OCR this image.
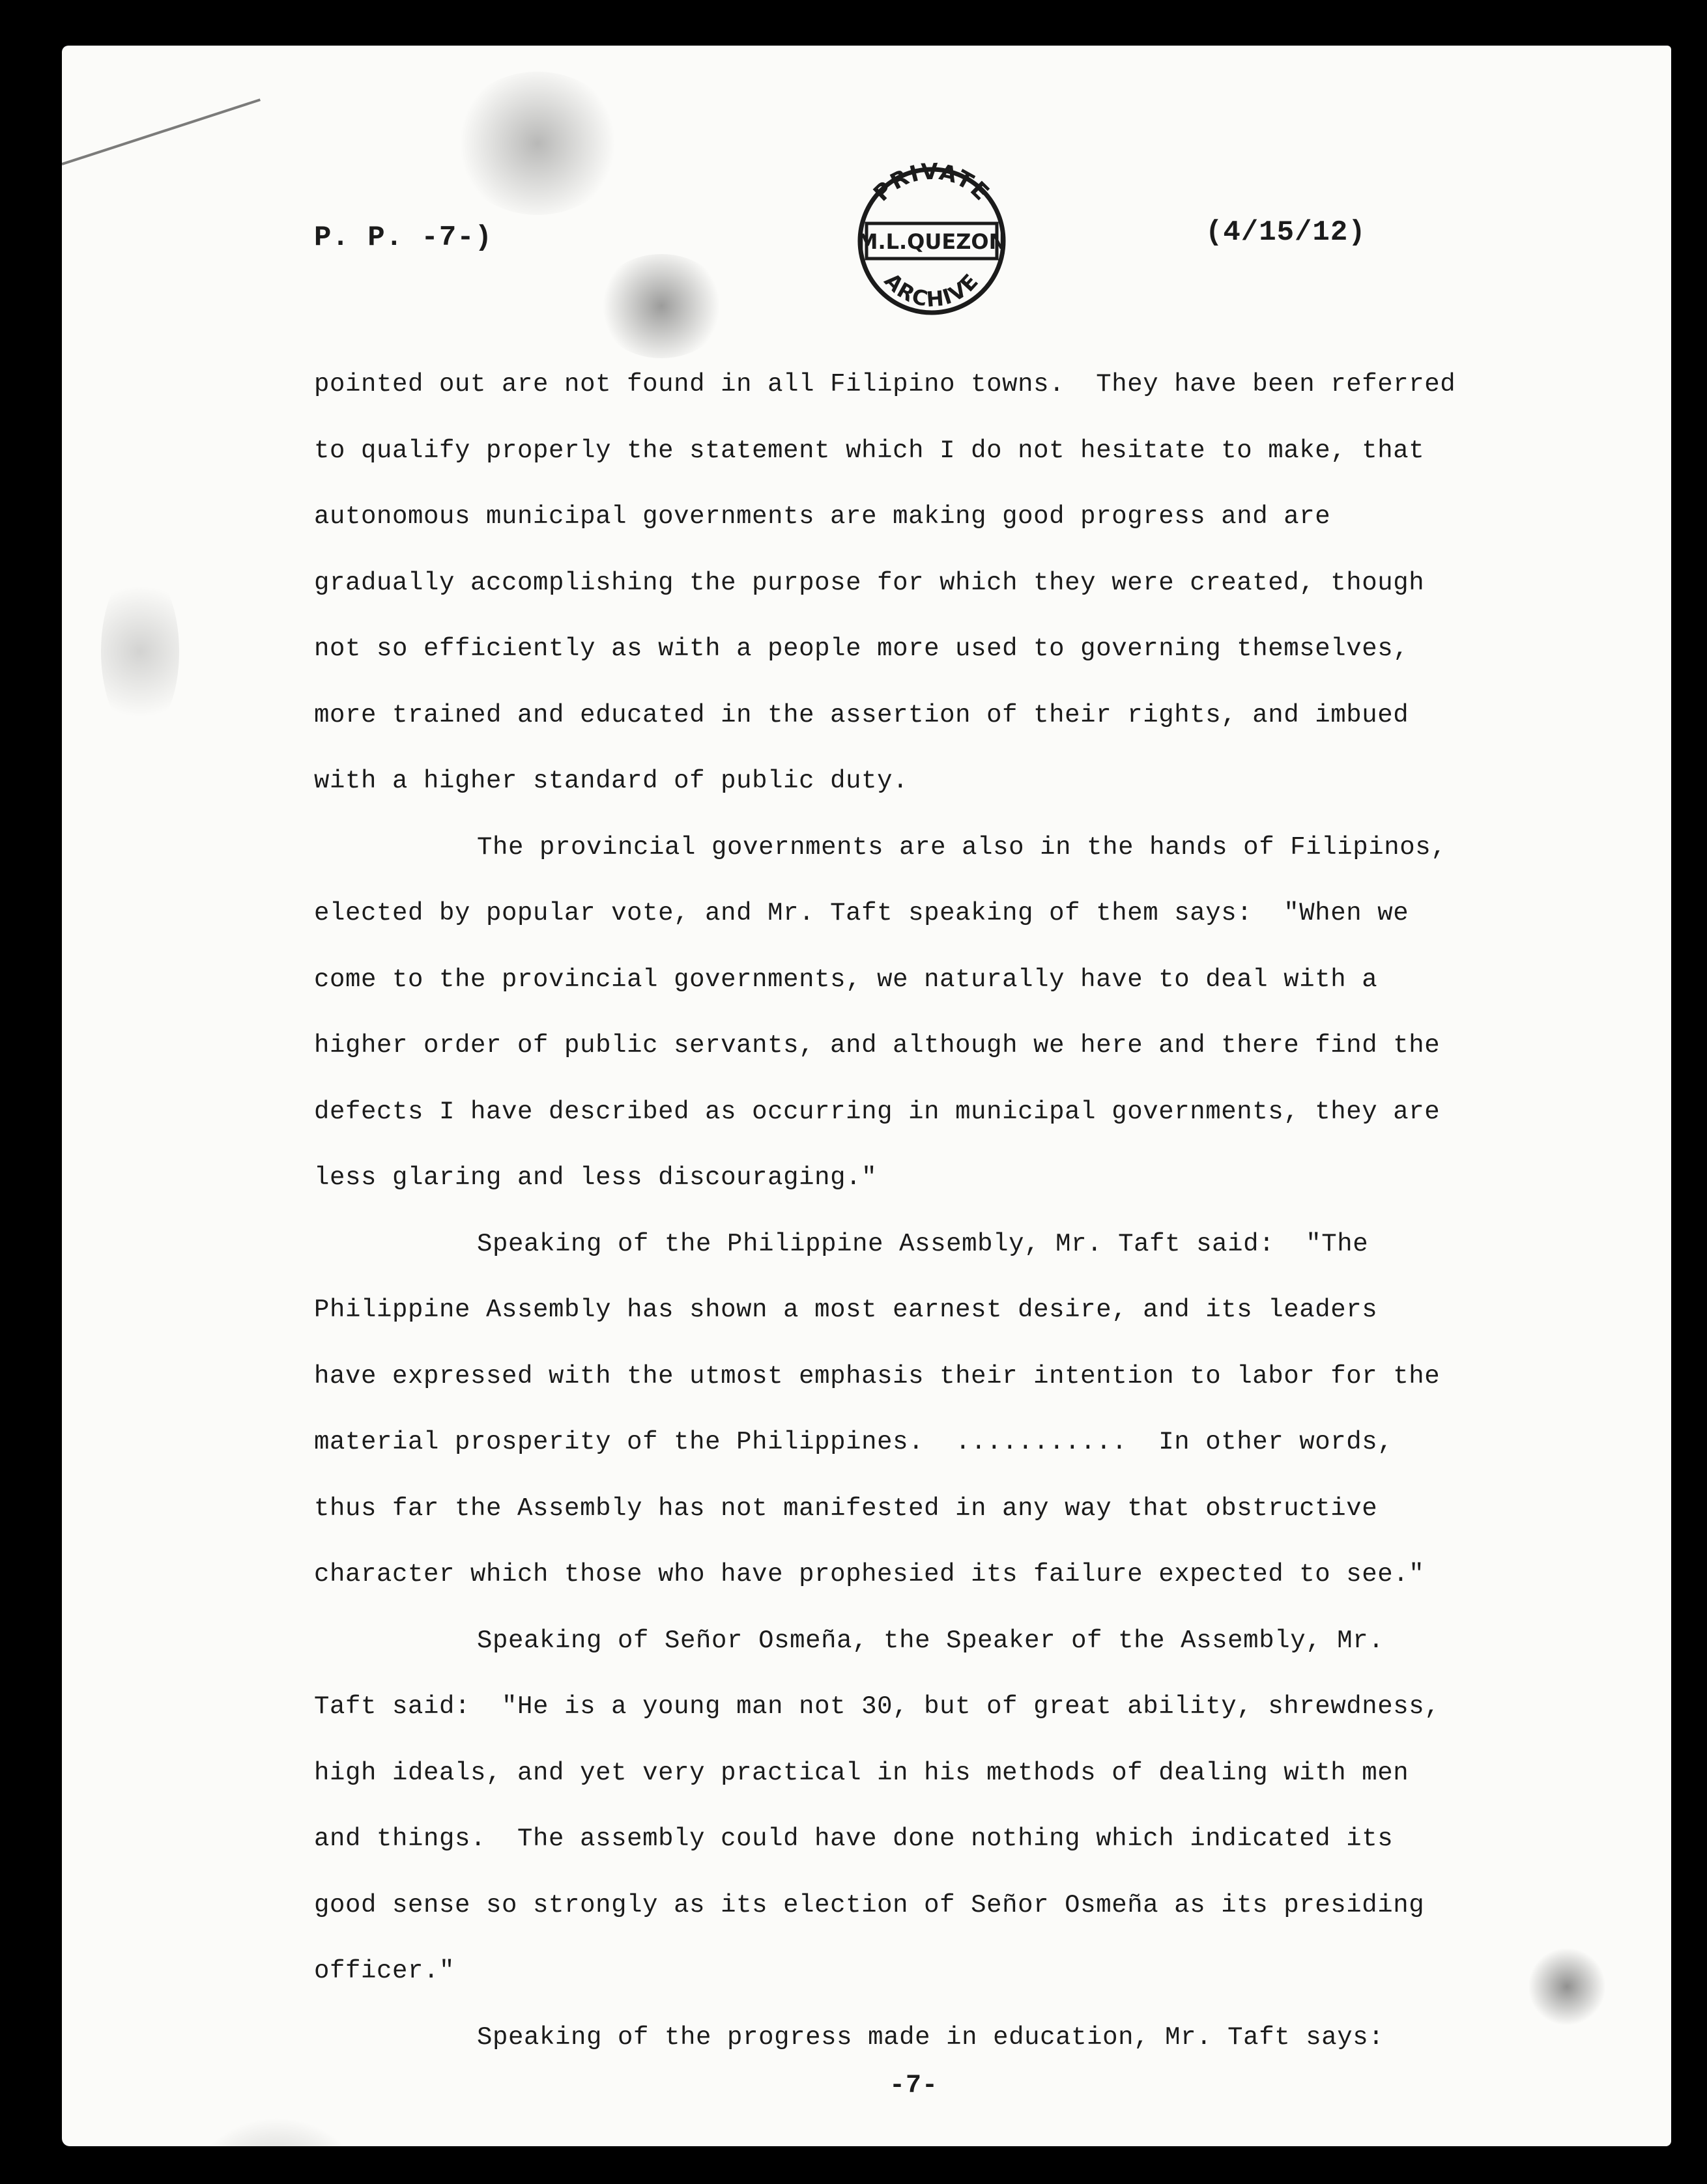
P. P. -7-)	(4/15/12)
PRIVATE
M.L.QUEZON
ARCHIVE
pointed out are not found in all Filipino towns.  They have been referred
to qualify properly the statement which I do not hesitate to make, that
autonomous municipal governments are making good progress and are
gradually accomplishing the purpose for which they were created, though
not so efficiently as with a people more used to governing themselves,
more trained and educated in the assertion of their rights, and imbued
with a higher standard of public duty.
The provincial governments are also in the hands of Filipinos,
elected by popular vote, and Mr. Taft speaking of them says:  "When we
come to the provincial governments, we naturally have to deal with a
higher order of public servants, and although we here and there find the
defects I have described as occurring in municipal governments, they are
less glaring and less discouraging."
Speaking of the Philippine Assembly, Mr. Taft said:  "The
Philippine Assembly has shown a most earnest desire, and its leaders
have expressed with the utmost emphasis their intention to labor for the
material prosperity of the Philippines.  ...........  In other words,
thus far the Assembly has not manifested in any way that obstructive
character which those who have prophesied its failure expected to see."
Speaking of Señor Osmeña, the Speaker of the Assembly, Mr.
Taft said:  "He is a young man not 30, but of great ability, shrewdness,
high ideals, and yet very practical in his methods of dealing with men
and things.  The assembly could have done nothing which indicated its
good sense so strongly as its election of Señor Osmeña as its presiding
officer."
Speaking of the progress made in education, Mr. Taft says:
-7-
